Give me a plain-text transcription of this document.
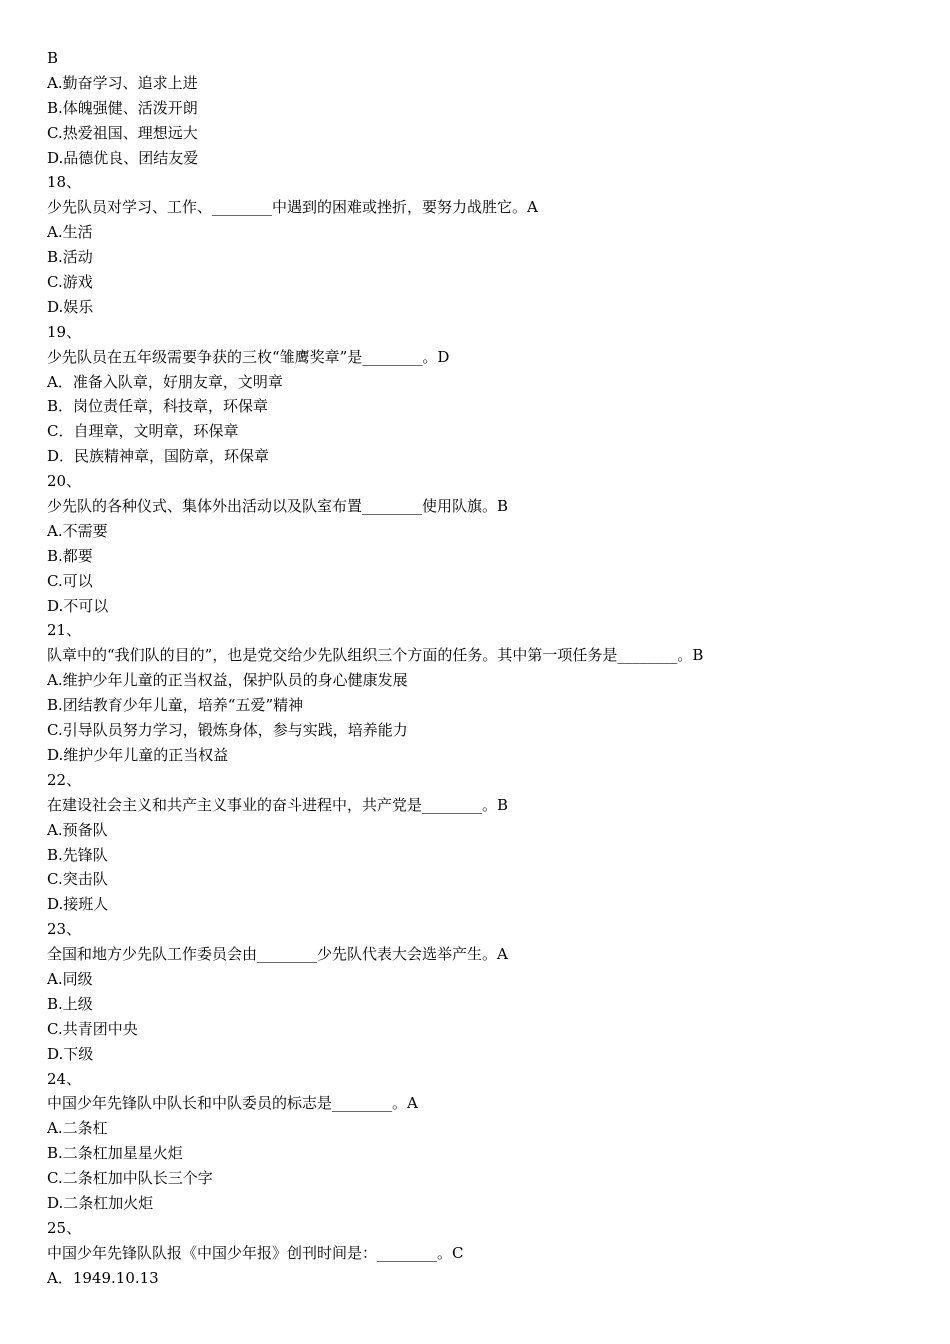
B
A.勤奋学习、追求上进
B.体魄强健、活泼开朗
C.热爱祖国、理想远大
D.品德优良、团结友爱
18、
少先队员对学习、工作、________中遇到的困难或挫折，要努力战胜它。A
A.生活
B.活动
C.游戏
D.娱乐
19、
少先队员在五年级需要争获的三枚“雏鹰奖章”是________。D
A．准备入队章，好朋友章，文明章
B．岗位责任章，科技章，环保章
C．自理章，文明章，环保章
D．民族精神章，国防章，环保章
20、
少先队的各种仪式、集体外出活动以及队室布置________使用队旗。B
A.不需要
B.都要
C.可以
D.不可以
21、
队章中的“我们队的目的”，也是党交给少先队组织三个方面的任务。其中第一项任务是________。B
A.维护少年儿童的正当权益，保护队员的身心健康发展
B.团结教育少年儿童，培养“五爱”精神
C.引导队员努力学习，锻炼身体，参与实践，培养能力
D.维护少年儿童的正当权益
22、
在建设社会主义和共产主义事业的奋斗进程中，共产党是________。B
A.预备队
B.先锋队
C.突击队
D.接班人
23、
全国和地方少先队工作委员会由________少先队代表大会选举产生。A
A.同级
B.上级
C.共青团中央
D.下级
24、
中国少年先锋队中队长和中队委员的标志是________。A
A.二条杠
B.二条杠加星星火炬
C.二条杠加中队长三个字
D.二条杠加火炬
25、
中国少年先锋队队报《中国少年报》创刊时间是：________。C
A．1949.10.13
